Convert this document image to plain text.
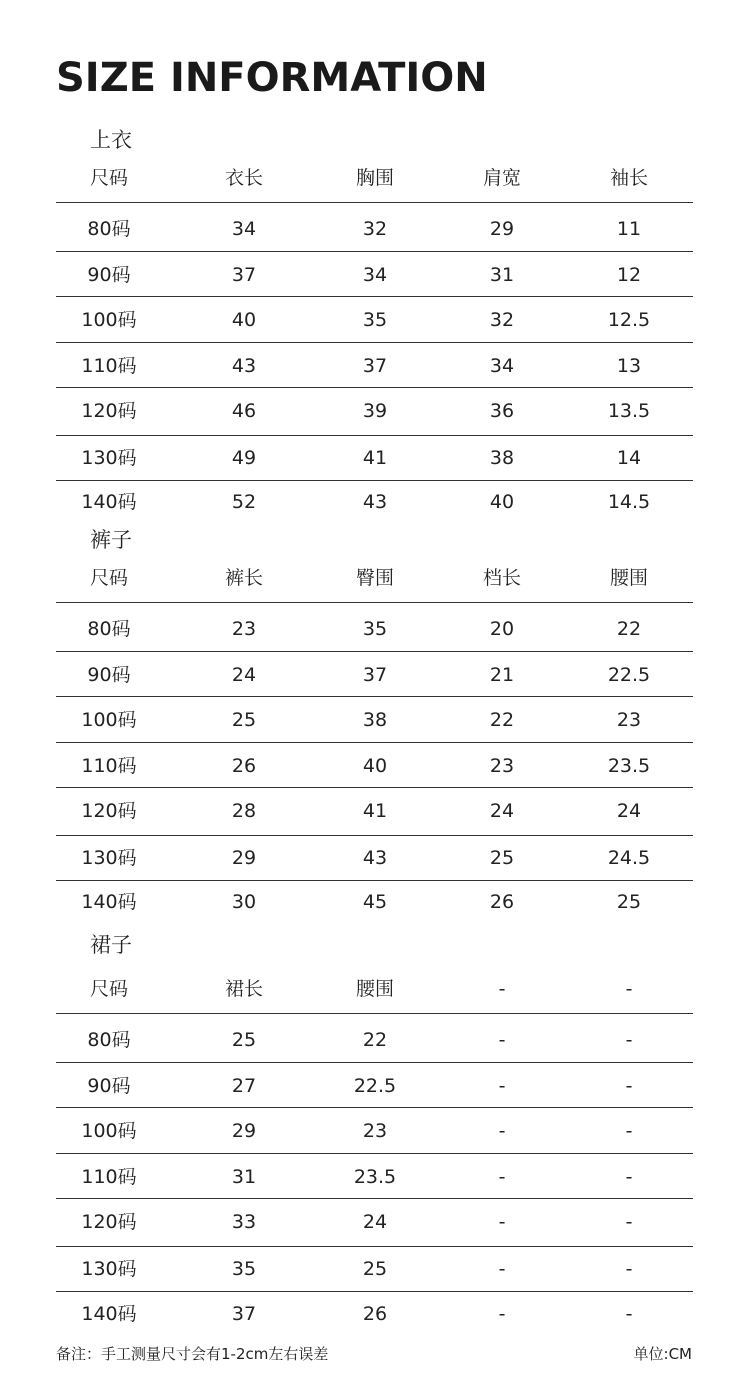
SIZE INFORMATION
上衣
尺码	衣长	胸围	肩宽	袖长
80码	34	32	29	11
90码	37	34	31	12
100码	40	35	32	12.5
110码	43	37	34	13
120码	46	39	36	13.5
130码	49	41	38	14
140码	52	43	40	14.5
裤子
尺码	裤长	臀围	档长	腰围
80码	23	35	20	22
90码	24	37	21	22.5
100码	25	38	22	23
110码	26	40	23	23.5
120码	28	41	24	24
130码	29	43	25	24.5
140码	30	45	26	25
裙子
尺码	裙长	腰围	-	-
80码	25	22	-	-
90码	27	22.5	-	-
100码	29	23	-	-
110码	31	23.5	-	-
120码	33	24	-	-
130码	35	25	-	-
140码	37	26	-	-
备注：手工测量尺寸会有1-2cm左右误差	单位:CM
